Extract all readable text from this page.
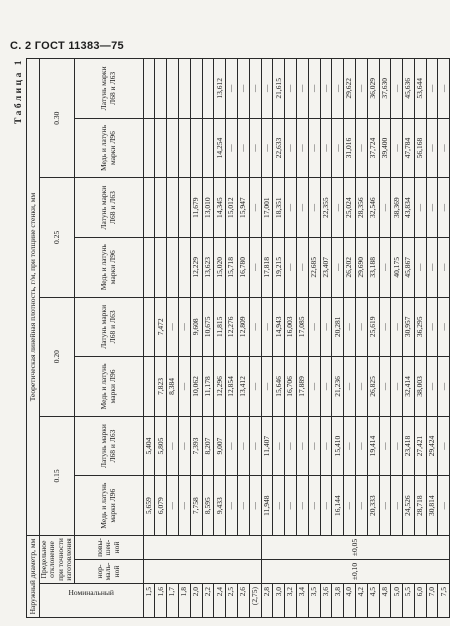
С. 2 ГОСТ 11383—75
Таблица 1
Наружный диаметр, мм			Теоретическая линейная плотность, г/м, при толщине стенки, мм							
Номинальный	Предельное отклонение при точности изготовления		0.15		0.20		0.25		0.30	
	нор-маль-ной	повы-шен-ной	Медь и латунь марки Л96	Латунь марки Л68 и Л63	Медь и латунь марки Л96	Латунь марки Л68 и Л63	Медь и латунь марки Л96	Латунь марки Л68 и Л63	Медь и латунь марки Л96	Латунь марки Л68 и Л63
1,5			5,659	5,404						
1,6			6,079	5,805	7,823	7,472				
1,7			—	—	8,384	—				
1,8			—	—	—	—				
2,0			7,758	7,393	10,062	9,608	12,229	11,679		
2,2			8,595	8,207	11,178	10,675	13,623	13,010		
2,4			9,433	9,007	12,296	11,815	15,020	14,345	14,254	13,612
2,5			—	—	12,854	12,276	15,718	15,012	—	—
2,6			—	—	13,412	12,809	16,780	15,947	—	—
(2,75)			—	—	—	—	—	—	—	—
2,8	±0,10	±0,05	11,948	11,407	—	—	17,818	17,001	—	—
3,0			—	—	15,646	14,943	19,215	18,351	22,633	21,615
3,2			—	—	16,706	16,003	—	—	—	—
3,4			—	—	17,889	17,085	—	—	—	—
3,5			—	—	—	—	22,685	—	—	—
3,6			—	—	—	—	23,407	22,355	—	—
3,8			16,144	15,410	21,236	20,281	—	—	—	—
4,0			—	—	—	—	26,202	25,024	31,016	29,622
4,2			—	—	—	—	29,690	28,356	—	—
4,5			20,333	19,414	26,825	25,619	33,188	32,546	37,724	36,029
4,8			—	—	—	—	—	—	39,400	37,630
5,0			—	—	—	—	40,175	38,369	—	—
5,5			24,526	23,418	32,414	30,957	45,867	43,834	47,784	45,636
6,0			28,718	27,421	38,003	36,295	—	—	56,168	53,644
7,0			30,814	29,424	—	—	—	—	—	—
7,5			—	—	—	—	—	—	—	—
